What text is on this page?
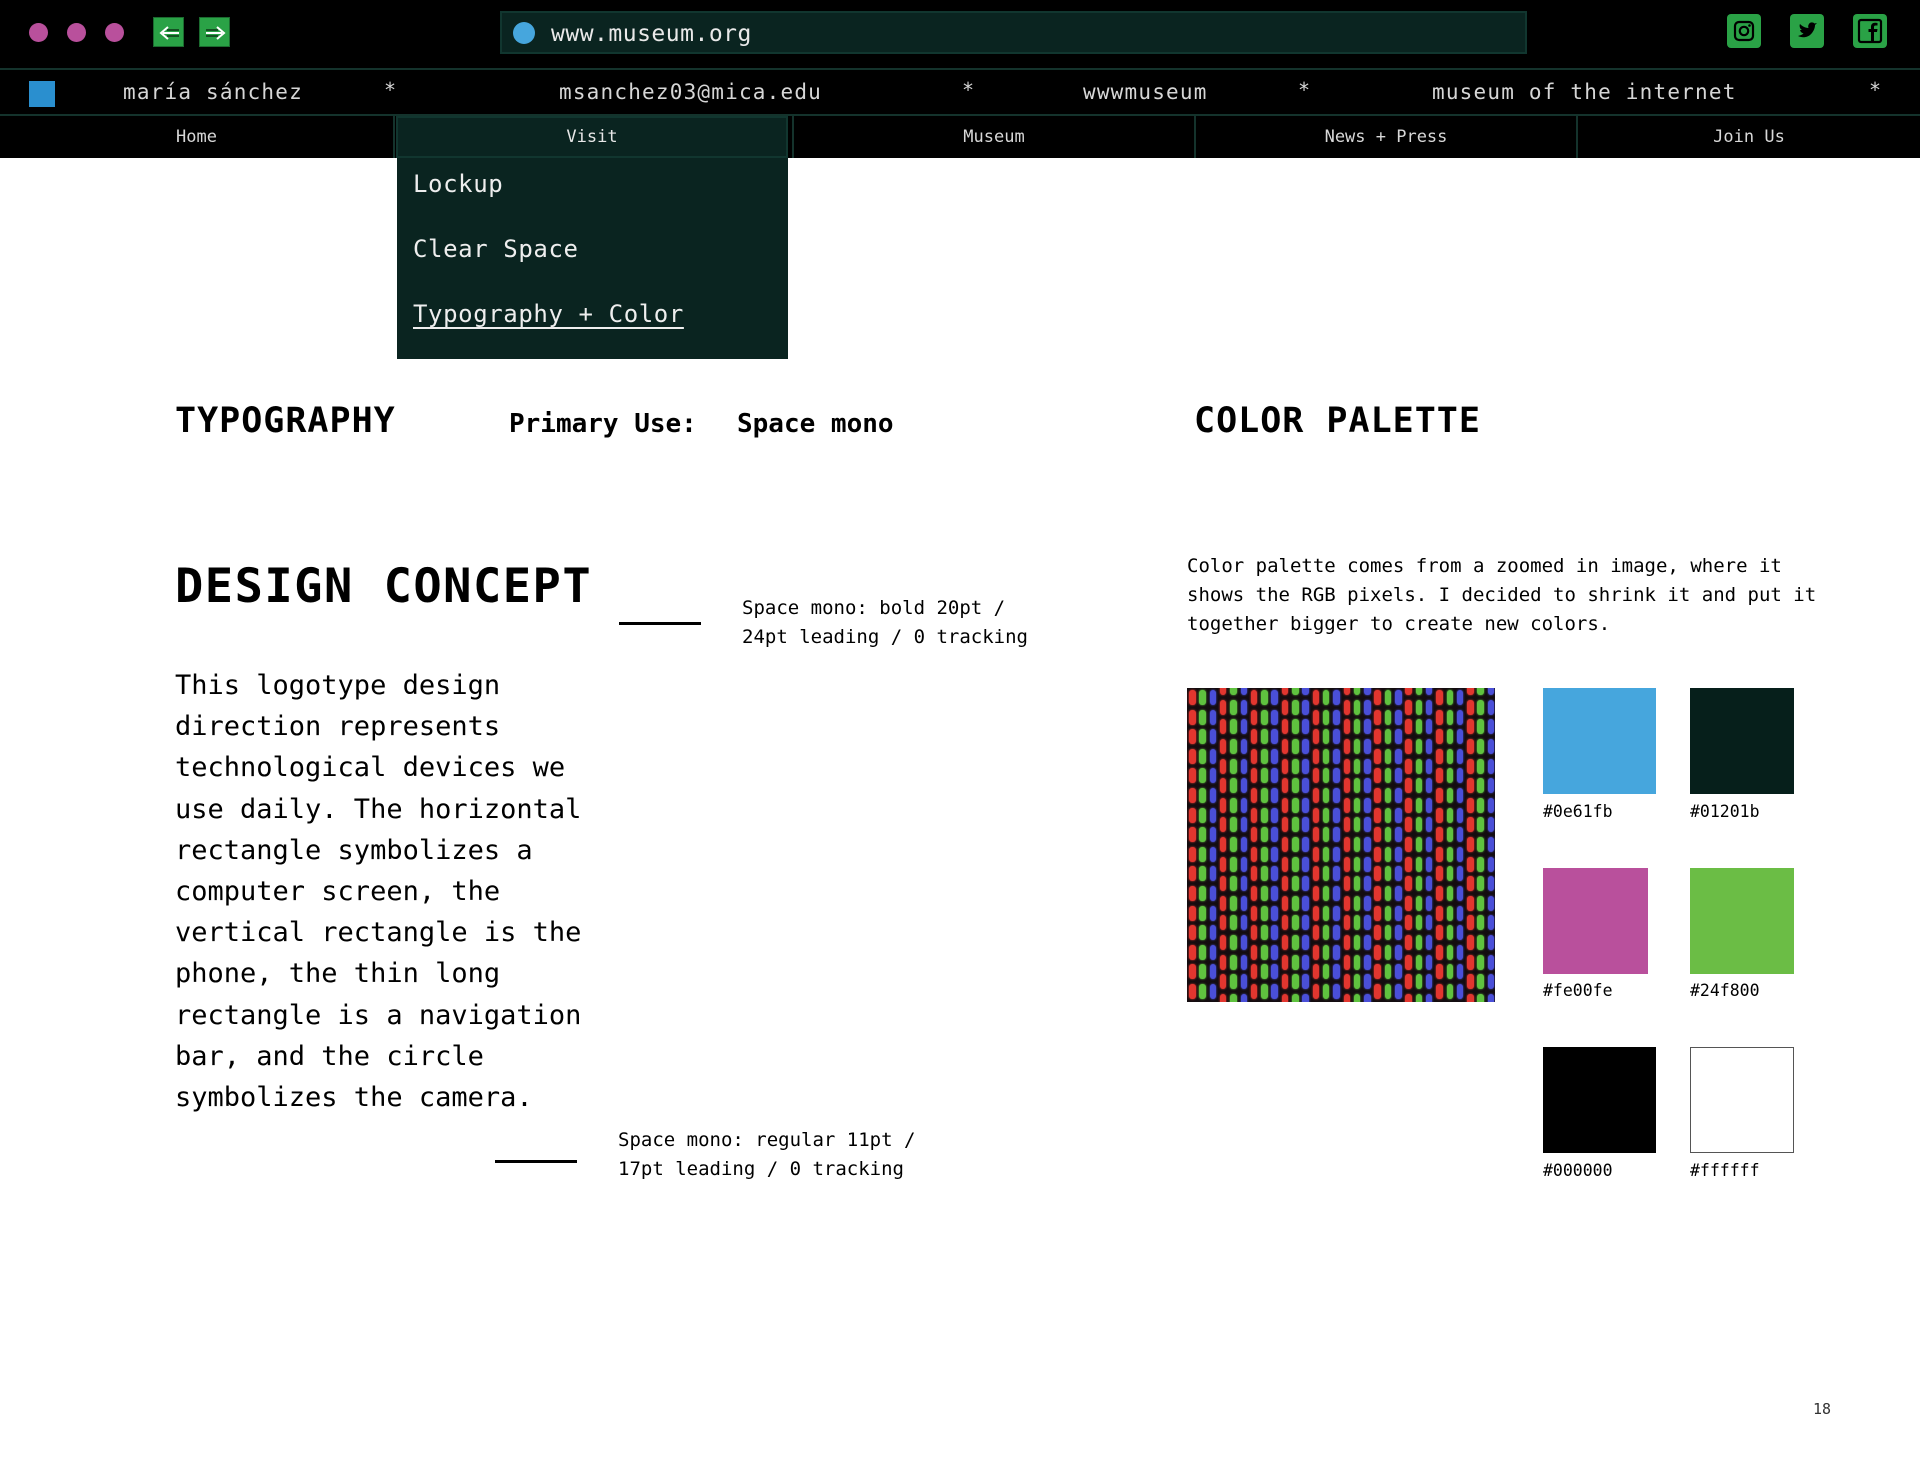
www.museum.org
maría sánchez	*	msanchez03@mica.edu	*	wwwmuseum	*	museum of the internet	*
Home	Visit	Museum	News + Press	Join Us
Lockup
Clear Space
Typography + Color
TYPOGRAPHY	Primary Use: Space mono
DESIGN CONCEPT	Space mono: bold 20pt /
24pt leading / 0 tracking

This logotype design direction represents technological devices we use daily. The horizontal rectangle symbolizes a computer screen, the vertical rectangle is the phone, the thin long rectangle is a navigation bar, and the circle symbolizes the camera.

Space mono: regular 11pt /
17pt leading / 0 tracking
COLOR PALETTE

Color palette comes from a zoomed in image, where it shows the RGB pixels. I decided to shrink it and put it together bigger to create new colors.

#0e61fb	#01201b
#fe00fe	#24f800
#000000	#ffffff
18
